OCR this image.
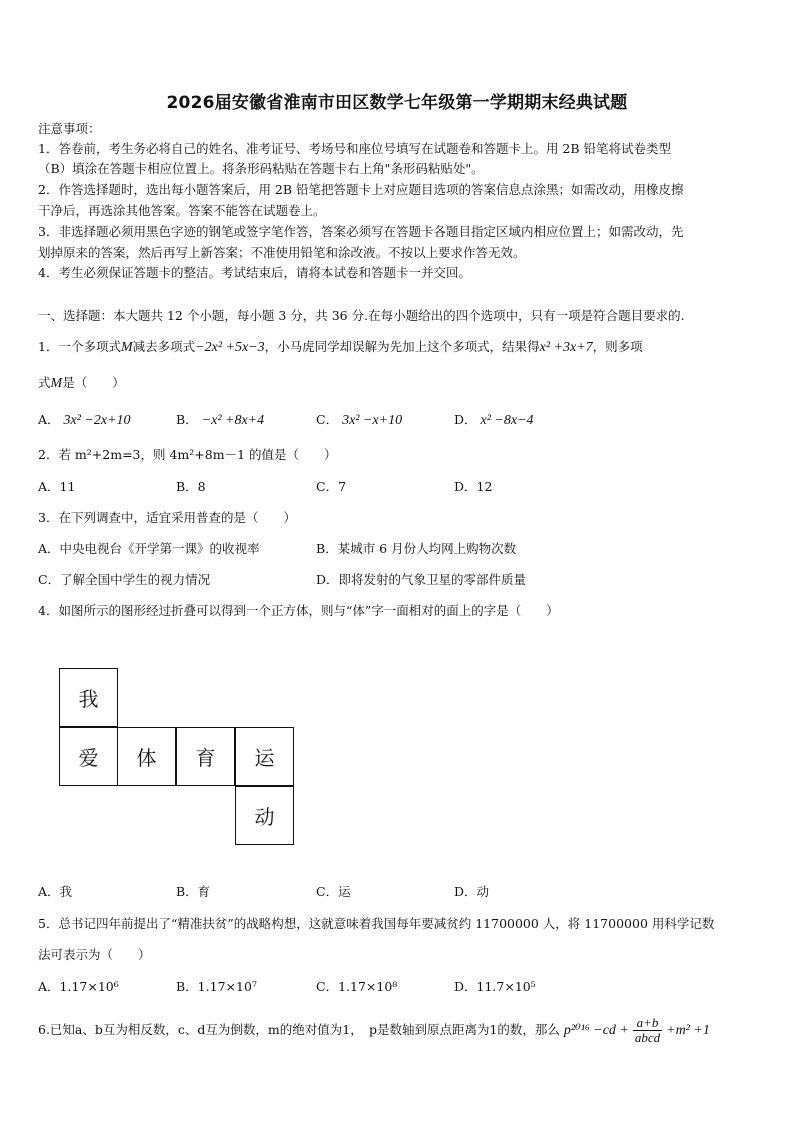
2026届安徽省淮南市田区数学七年级第一学期期末经典试题
注意事项：
1．答卷前，考生务必将自己的姓名、准考证号、考场号和座位号填写在试题卷和答题卡上。用 2B 铅笔将试卷类型
（B）填涂在答题卡相应位置上。将条形码粘贴在答题卡右上角"条形码粘贴处"。
2．作答选择题时，选出每小题答案后，用 2B 铅笔把答题卡上对应题目选项的答案信息点涂黑；如需改动，用橡皮擦
干净后，再选涂其他答案。答案不能答在试题卷上。
3．非选择题必须用黑色字迹的钢笔或签字笔作答，答案必须写在答题卡各题目指定区域内相应位置上；如需改动，先
划掉原来的答案，然后再写上新答案；不准使用铅笔和涂改液。不按以上要求作答无效。
4．考生必须保证答题卡的整洁。考试结束后，请将本试卷和答题卡一并交回。
一、选择题：本大题共 12 个小题，每小题 3 分，共 36 分.在每小题给出的四个选项中，只有一项是符合题目要求的.
1．一个多项式M减去多项式−2x² +5x−3，小马虎同学却误解为先加上这个多项式，结果得x² +3x+7，则多项
式M是（　　）
A． 3x² −2x+10	B． −x² +8x+4	C． 3x² −x+10	D． x² −8x−4
2．若 m²+2m=3，则 4m²+8m－1 的值是（　　）
A．11	B．8	C．7	D．12
3．在下列调查中，适宜采用普查的是（　　）
A．中央电视台《开学第一课》的收视率	B．某城市 6 月份人均网上购物次数
C．了解全国中学生的视力情况	D．即将发射的气象卫星的零部件质量
4．如图所示的图形经过折叠可以得到一个正方体，则与“体”字一面相对的面上的字是（　　）
我
爱	体	育	运
动
A．我	B．育	C．运	D．动
5．总书记四年前提出了“精准扶贫”的战略构想，这就意味着我国每年要减贫约 11700000 人，将 11700000 用科学记数
法可表示为（　　）
A．1.17×10⁶	B．1.17×10⁷	C．1.17×10⁸	D．11.7×10⁵
6.已知a、b互为相反数，c、d互为倒数，m的绝对值为1，　p是数轴到原点距离为1的数，那么 $p^{2016} -cd + \frac{a+b}{\text{abcd}} +m^2 +1$
